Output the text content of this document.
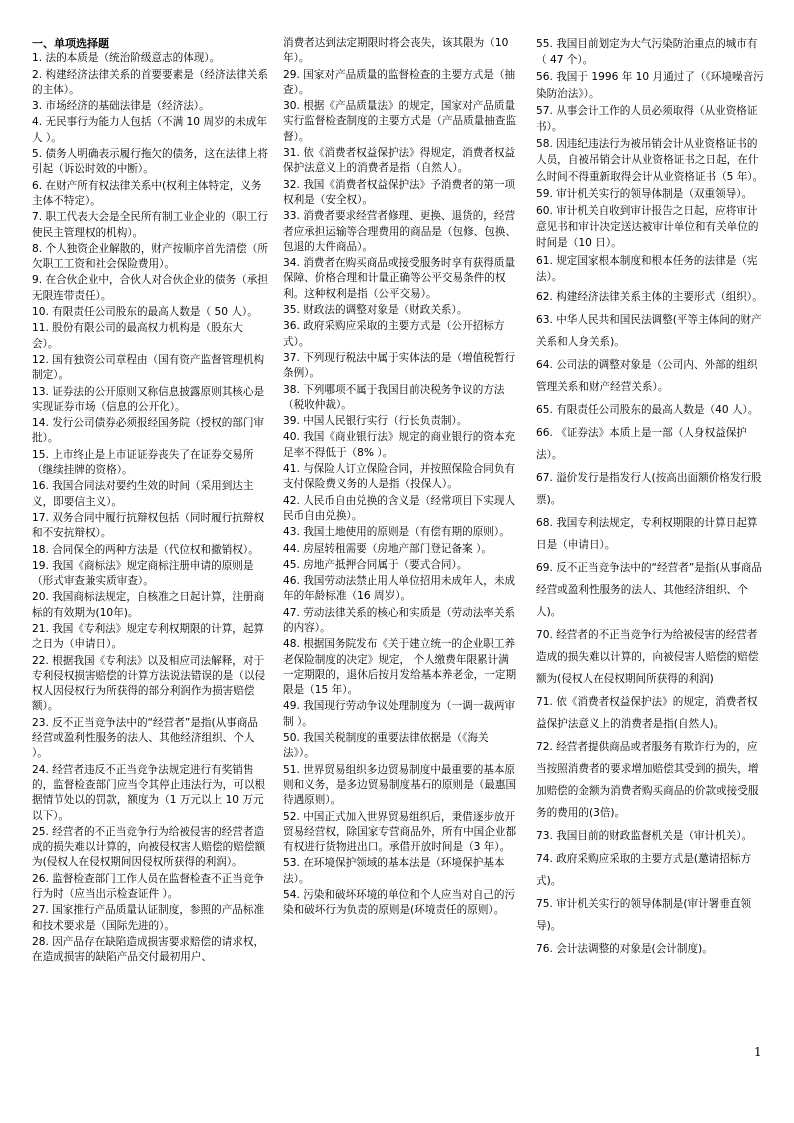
一、单项选择题
1. 法的本质是（统治阶级意志的体现）。
2. 构建经济法律关系的首要要素是（经济法律关系的主体）。
3. 市场经济的基础法律是（经济法）。
4. 无民事行为能力人包括（不满 10 周岁的未成年人 ）。
5. 债务人明确表示履行拖欠的债务，这在法律上将引起（诉讼时效的中断）。
6. 在财产所有权法律关系中(权利主体特定，义务主体不特定）。
7. 职工代表大会是全民所有制工业企业的（职工行使民主管理权的机构）。
8. 个人独资企业解散的，财产按顺序首先清偿（所欠职工工资和社会保险费用）。
9. 在合伙企业中，合伙人对合伙企业的债务（承担无限连带责任）。
10. 有限责任公司股东的最高人数是（ 50 人）。
11. 股份有限公司的最高权力机构是（股东大会）。
12. 国有独资公司章程由（国有资产监督管理机构制定）。
13. 证券法的公开原则又称信息披露原则其核心是实现证券市场（信息的公开化）。
14. 发行公司债券必须报经国务院（授权的部门审批）。
15. 上市终止是上市证证券丧失了在证券交易所（继续挂牌的资格）。
16. 我国合同法对要约生效的时间（采用到达主义，即要信主义）。
17. 双务合同中履行抗辩权包括（同时履行抗辩权和不安抗辩权）。
18. 合同保全的两种方法是（代位权和撤销权）。
19. 我国《商标法》规定商标注册申请的原则是（形式审查兼实质审查）。
20. 我国商标法规定，自核准之日起计算，注册商标的有效期为(10年)。
21. 我国《专利法》规定专利权期限的计算，起算之日为（申请日）。
22. 根据我国《专利法》以及相应司法解释，对于专利侵权损害赔偿的计算方法说法错误的是（以侵权人因侵权行为所获得的部分利润作为损害赔偿额）。
23. 反不正当竞争法中的“经营者”是指(从事商品经营或盈利性服务的法人、其他经济组织、个人 ）。
24. 经营者违反不正当竞争法规定进行有奖销售的，监督检查部门应当令其停止违法行为，可以根据情节处以的罚款，额度为（1 万元以上 10 万元以下）。
25. 经营者的不正当竞争行为给被侵害的经营者造成的损失难以计算的，向被侵权害人赔偿的赔偿额为(侵权人在侵权期间因侵权所获得的利润）。
26. 监督检查部门工作人员在监督检查不正当竞争行为时（应当出示检查证件 ）。
27. 国家推行产品质量认证制度，参照的产品标准和技术要求是（国际先进的）。
28. 因产品存在缺陷造成损害要求赔偿的请求权，在造成损害的缺陷产品交付最初用户、
消费者达到法定期限时将会丧失，该其限为（10 年）。
29. 国家对产品质量的监督检查的主要方式是（抽查）。
30. 根据《产品质量法》的规定，国家对产品质量实行监督检查制度的主要方式是（产品质量抽查监督）。
31. 依《消费者权益保护法》得规定，消费者权益保护法意义上的消费者是指（自然人）。
32. 我国《消费者权益保护法》予消费者的第一项权利是（安全权）。
33. 消费者要求经营者修理、更换、退货的，经营者应承担运输等合理费用的商品是（包修、包换、包退的大件商品）。
34. 消费者在购买商品或接受服务时享有获得质量保障、价格合理和计量正确等公平交易条件的权利。这种权利是指（公平交易）。
35. 财政法的调整对象是（财政关系）。
36. 政府采购应采取的主要方式是（公开招标方式）。
37. 下列现行税法中属于实体法的是（增值税暂行条例）。
38. 下列哪项不属于我国目前决税务争议的方法（税收仲裁）。
39. 中国人民银行实行（行长负责制）。
40. 我国《商业银行法》规定的商业银行的资本充足率不得低于（8% ）。
41. 与保险人订立保险合同，并按照保险合同负有支付保险费义务的人是指（投保人）。
42. 人民币自由兑换的含义是（经常项目下实现人民币自由兑换）。
43. 我国土地使用的原则是（有偿有期的原则）。
44. 房屋转租需要（房地产部门登记备案 ）。
45. 房地产抵押合同属于（要式合同）。
46. 我国劳动法禁止用人单位招用未成年人，未成年的年龄标准（16 周岁）。
47. 劳动法律关系的核心和实质是（劳动法率关系的内容）。
48. 根据国务院发布《关于建立统一的企业职工养老保险制度的决定》规定， 个人缴费年限累计满一定期限的，退休后按月发给基本养老金，一定期限是（15 年）。
49. 我国现行劳动争议处理制度为（一调一裁两审制 ）。
50. 我国关税制度的重要法律依据是（《海关法》）。
51. 世界贸易组织多边贸易制度中最重要的基本原则和义务，是多边贸易制度基石的原则是（最惠国待遇原则）。
52. 中国正式加入世界贸易组织后，秉借逐步放开贸易经营权，除国家专营商品外，所有中国企业都有权进行货物进出口。承借开放时间是（3 年）。
53. 在环境保护领域的基本法是（环境保护基本法）。
54. 污染和破坏环境的单位和个人应当对自己的污染和破坏行为负责的原则是(环境责任的原则）。
55. 我国目前划定为大气污染防治重点的城市有（ 47 个）。
56. 我国于 1996 年 10 月通过了（《环境噪音污染防治法》）。
57. 从事会计工作的人员必须取得（从业资格证书）。
58. 因违纪违法行为被吊销会计从业资格证书的人员，自被吊销会计从业资格证书之日起，在什么时间不得重新取得会计从业资格证书（5 年）。
59. 审计机关实行的领导体制是（双重领导）。
60. 审计机关自收到审计报告之日起，应将审计意见书和审计决定送达被审计单位和有关单位的时间是（10 日）。
61. 规定国家根本制度和根本任务的法律是（宪法）。
62. 构建经济法律关系主体的主要形式（组织）。
63. 中华人民共和国民法调整(平等主体间的财产关系和人身关系)。
64. 公司法的调整对象是（公司内、外部的组织管理关系和财产经营关系）。
65. 有限责任公司股东的最高人数是（40 人）。
66. 《证券法》本质上是一部（人身权益保护法）。
67. 溢价发行是指发行人(按高出面额价格发行股票)。
68. 我国专利法规定，专利权期限的计算日起算日是（申请日）。
69. 反不正当竞争法中的“经营者”是指(从事商品经营或盈利性服务的法人、其他经济组织、个人)。
70. 经营者的不正当竞争行为给被侵害的经营者造成的损失难以计算的，向被侵害人赔偿的赔偿额为(侵权人在侵权期间所获得的利润)
71. 依《消费者权益保护法》的规定，消费者权益保护法意义上的消费者是指(自然人)。
72. 经营者提供商品或者服务有欺诈行为的，应当按照消费者的要求增加赔偿其受到的损失，增加赔偿的金额为消费者购买商品的价款或接受服务的费用的(3倍)。
73. 我国目前的财政监督机关是（审计机关）。
74. 政府采购应采取的主要方式是(邀请招标方式)。
75. 审计机关实行的领导体制是(审计署垂直领导)。
76. 会计法调整的对象是(会计制度)。
1
